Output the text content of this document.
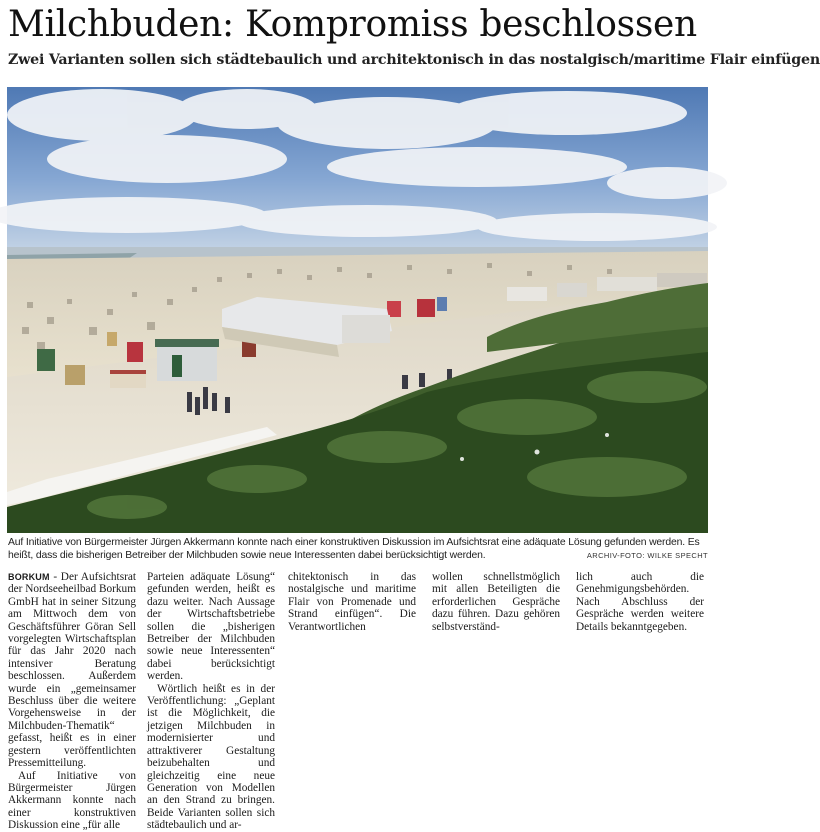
Milchbuden: Kompromiss beschlossen
Zwei Varianten sollen sich städtebaulich und architektonisch in das nostalgisch/maritime Flair einfügen
Auf Initiative von Bürgermeister Jürgen Akkermann konnte nach einer konstruktiven Diskussion im Aufsichtsrat eine adäquate Lösung gefunden werden. Es heißt, dass die bisherigen Betreiber der Milchbuden sowie neue Interessenten dabei berücksichtigt werden.	ARCHIV-FOTO: WILKE SPECHT

BORKUM - Der Aufsichtsrat der Nordseeheilbad Borkum GmbH hat in seiner Sitzung am Mittwoch dem von Geschäftsführer Göran Sell vorgelegten Wirtschaftsplan für das Jahr 2020 nach intensiver Beratung beschlossen. Außerdem wurde ein „gemeinsamer Beschluss über die weitere Vorgehensweise in der Milchbuden-Thematik“ gefasst, heißt es in einer gestern veröffentlichten Pressemitteilung.

Auf Initiative von Bürgermeister Jürgen Akkermann konnte nach einer konstruktiven Diskussion eine „für alle

Parteien adäquate Lösung“ gefunden werden, heißt es dazu weiter. Nach Aussage der Wirtschaftsbetriebe sollen die „bisherigen Betreiber der Milchbuden sowie neue Interessenten“ dabei berücksichtigt werden.

Wörtlich heißt es in der Veröffentlichung: „Geplant ist die Möglichkeit, die jetzigen Milchbuden in modernisierter und attraktiverer Gestaltung beizubehalten und gleichzeitig eine neue Generation von Modellen an den Strand zu bringen. Beide Varianten sollen sich städtebaulich und ar-

chitektonisch in das nostalgische und maritime Flair von Promenade und Strand einfügen“. Die Verantwortlichen

wollen schnellstmöglich mit allen Beteiligten die erforderlichen Gespräche dazu führen. Dazu gehören selbstverständ-

lich auch die Genehmigungsbehörden. Nach Abschluss der Gespräche werden weitere Details bekanntgegeben.
